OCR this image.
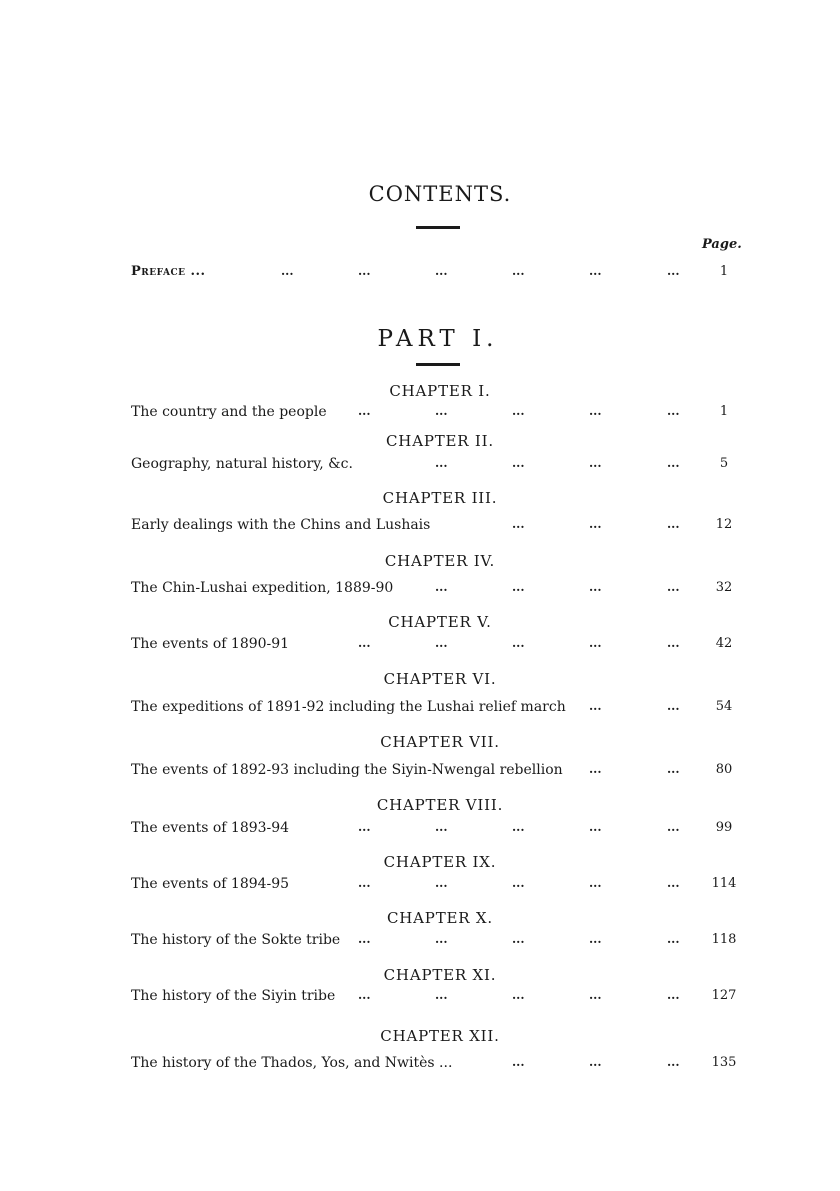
CONTENTS.
Page.
Preface ...	...	...	...	...	...	...	1
PART I.
CHAPTER I.
The country and the people	...	...	...	...	...	1
CHAPTER II.
Geography, natural history, &c.	...	...	...	...	5
CHAPTER III.
Early dealings with the Chins and Lushais	...	...	...	12
CHAPTER IV.
The Chin-Lushai expedition, 1889-90	...	...	...	...	32
CHAPTER V.
The events of 1890-91	...	...	...	...	...	42
CHAPTER VI.
The expeditions of 1891-92 including the Lushai relief march ...	...	54
CHAPTER VII.
The events of 1892-93 including the Siyin-Nwengal rebellion ...	...	80
CHAPTER VIII.
The events of 1893-94	...	...	...	...	...	99
CHAPTER IX.
The events of 1894-95	...	...	...	...	... 114
CHAPTER X.
The history of the Sokte tribe ...	...	...	...	... 118
CHAPTER XI.
The history of the Siyin tribe ...	...	...	...	... 127
CHAPTER XII.
The history of the Thados, Yos, and Nwitès ...	...	...	... 135
